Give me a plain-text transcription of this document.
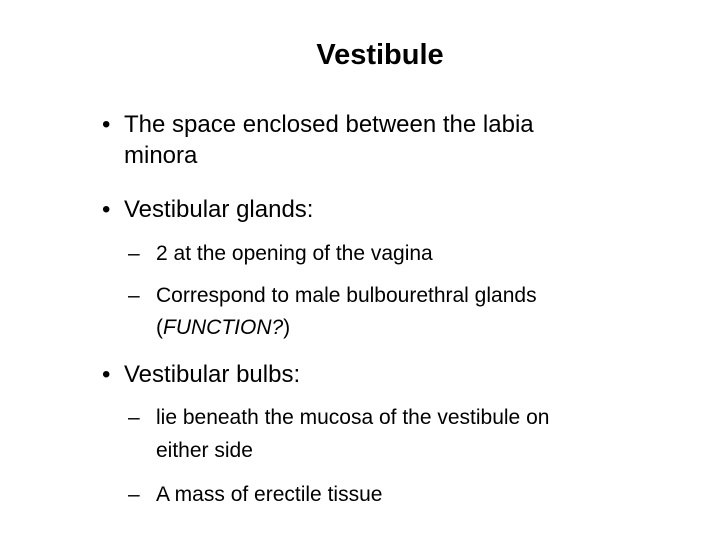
Vestibule
• The space enclosed between the labia
minora
• Vestibular glands:
– 2 at the opening of the vagina
– Correspond to male bulbourethral glands
(FUNCTION?)
• Vestibular bulbs:
– lie beneath the mucosa of the vestibule on
either side
– A mass of erectile tissue
